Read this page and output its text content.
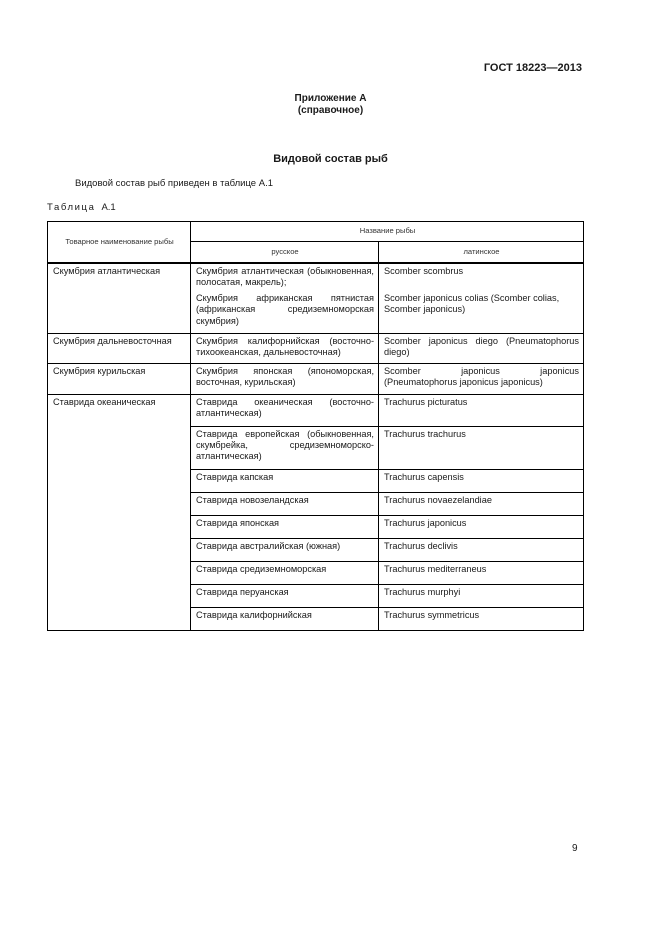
ГОСТ 18223—2013
Приложение А
(справочное)
Видовой состав рыб
Видовой состав рыб приведен в таблице А.1
Таблица А.1
Товарное наименование рыбы	Название рыбы	
	русское	латинское
Скумбрия атлантическая	Скумбрия атлантическая (обыкновенная, полосатая, макрель);	Scomber scombrus
	Скумбрия африканская пятнистая (африканская средиземноморская скумбрия)	Scomber japonicus colias (Scomber colias, Scomber japonicus)
Скумбрия дальневосточная	Скумбрия калифорнийская (восточно-тихоокеанская, дальневосточная)	Scomber japonicus diego (Pneumatophorus diego)
Скумбрия курильская	Скумбрия японская (япономорская, восточная, курильская)	Scomber japonicus japonicus (Pneumatophorus japonicus japonicus)
Ставрида океаническая	Ставрида океаническая (восточно-атлантическая)	Trachurus picturatus
	Ставрида европейская (обыкновенная, скумбрейка, средиземноморско-атлантическая)	Trachurus trachurus
	Ставрида капская	Trachurus capensis
	Ставрида новозеландская	Trachurus novaezelandiae
	Ставрида японская	Trachurus japonicus
	Ставрида австралийская (южная)	Trachurus declivis
	Ставрида средиземноморская	Trachurus mediterraneus
	Ставрида перуанская	Trachurus murphyi
	Ставрида калифорнийская	Trachurus symmetricus
9
